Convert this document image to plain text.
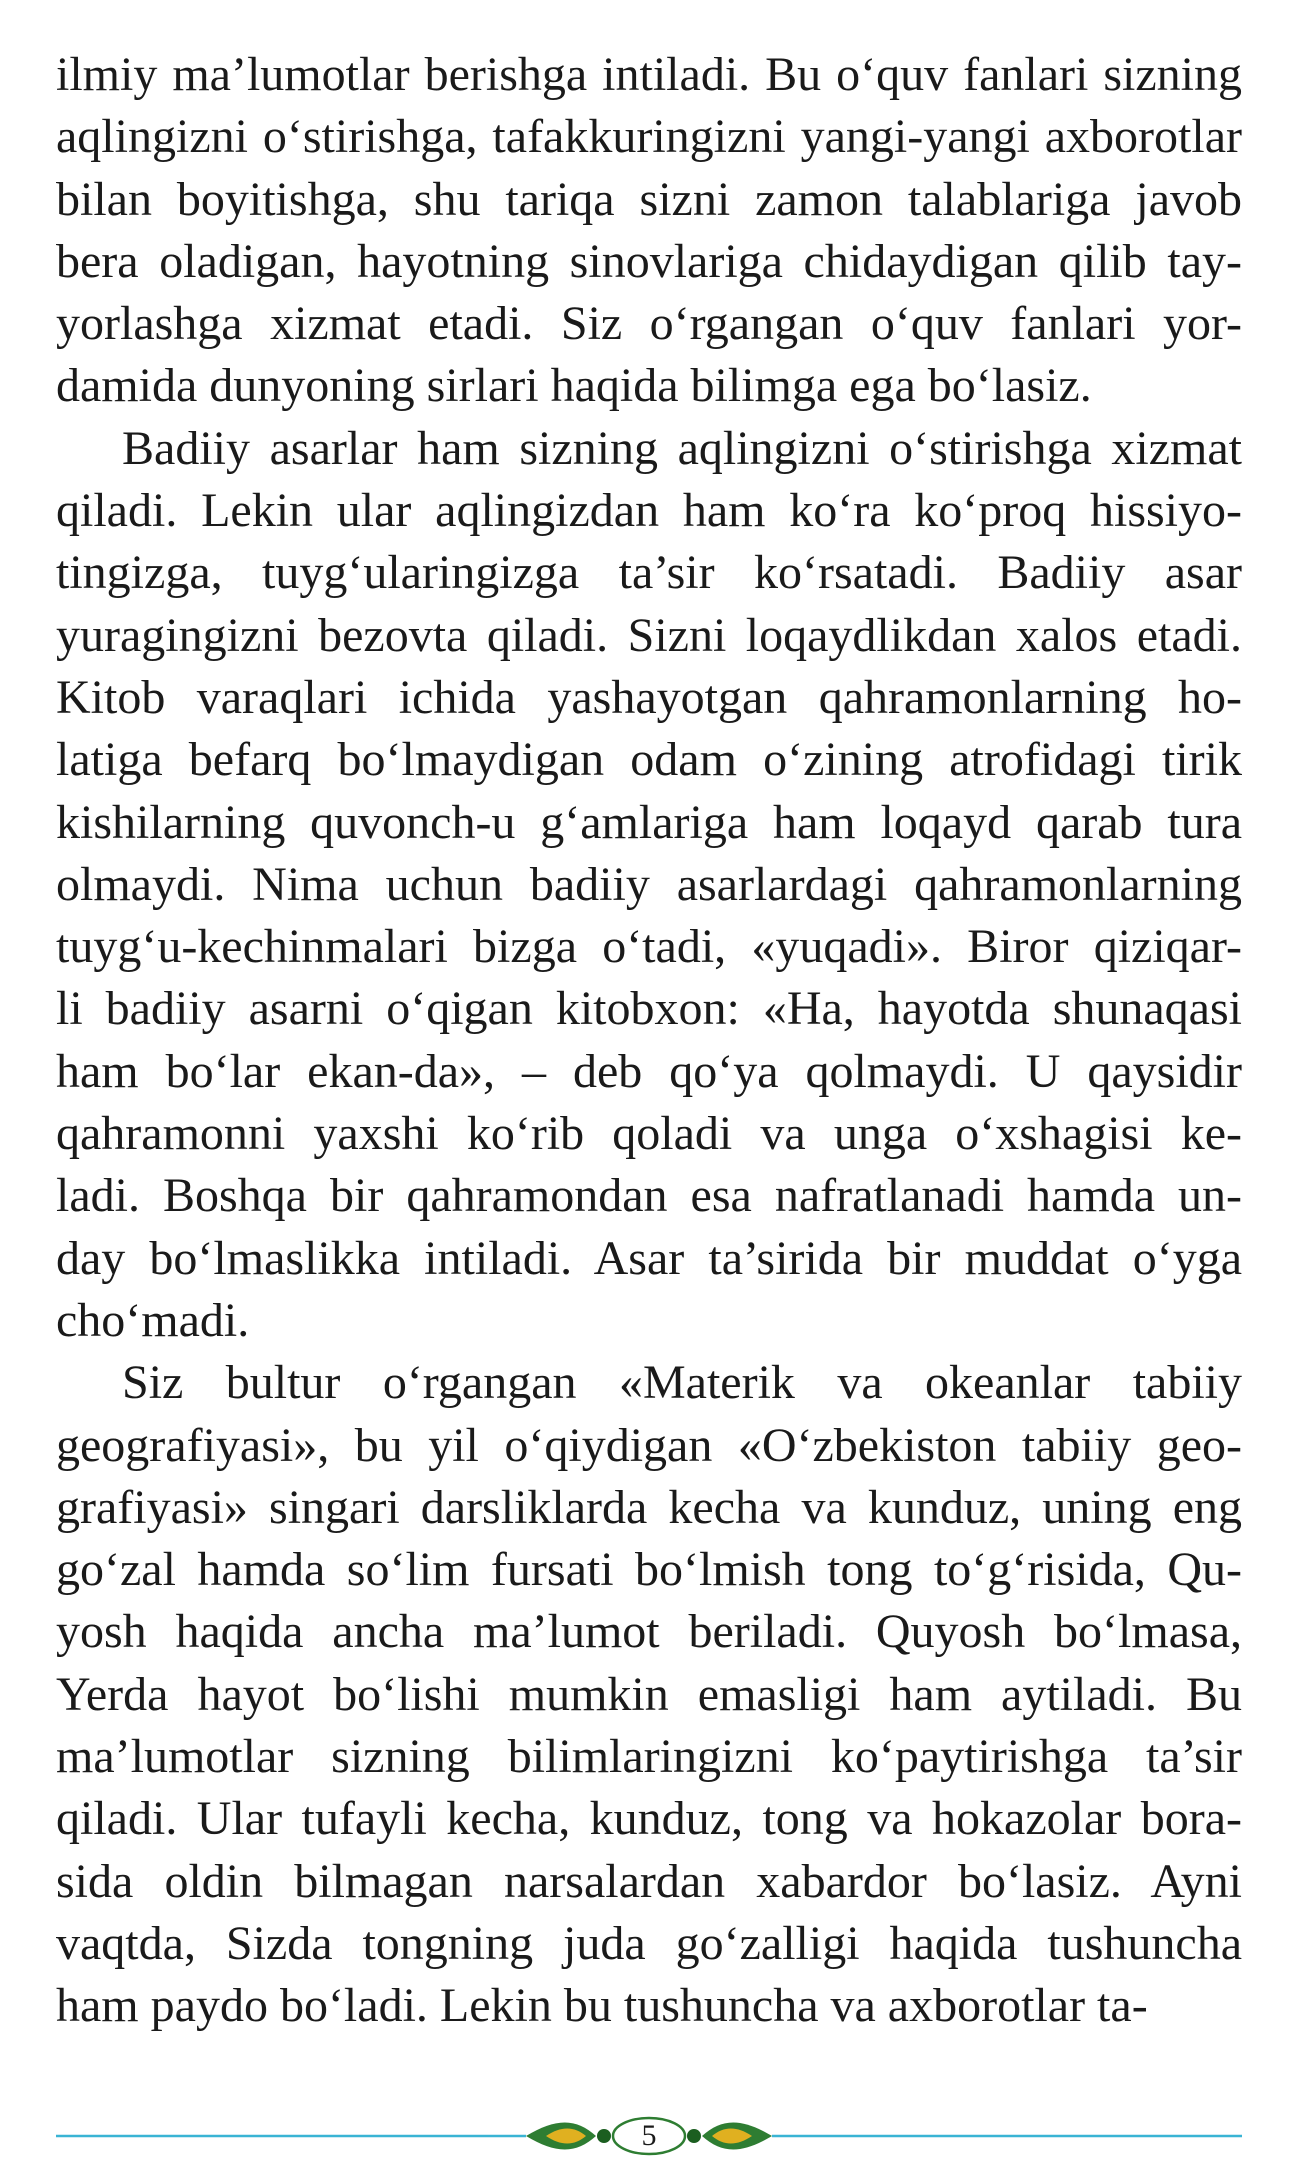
ilmiy ma’lumotlar berishga intiladi. Bu o‘quv fanlari sizning
aqlingizni o‘stirishga, tafakkuringizni yangi-yangi axborotlar
bilan boyitishga, shu tariqa sizni zamon talablariga javob
bera oladigan, hayotning sinovlariga chidaydigan qilib tay-
yorlashga xizmat etadi. Siz o‘rgangan o‘quv fanlari yor-
damida dunyoning sirlari haqida bilimga ega bo‘lasiz.

Badiiy asarlar ham sizning aqlingizni o‘stirishga xizmat
qiladi. Lekin ular aqlingizdan ham ko‘ra ko‘proq hissiyo-
tingizga, tuyg‘ularingizga ta’sir ko‘rsatadi. Badiiy asar
yuragingizni bezovta qiladi. Sizni loqaydlikdan xalos etadi.
Kitob varaqlari ichida yashayotgan qahramonlarning ho-
latiga befarq bo‘lmaydigan odam o‘zining atrofidagi tirik
kishilarning quvonch-u g‘amlariga ham loqayd qarab tura
olmaydi. Nima uchun badiiy asarlardagi qahramonlarning
tuyg‘u-kechinmalari bizga o‘tadi, «yuqadi». Biror qiziqar-
li badiiy asarni o‘qigan kitobxon: «Ha, hayotda shunaqasi
ham bo‘lar ekan-da», – deb qo‘ya qolmaydi. U qaysidir
qahramonni yaxshi ko‘rib qoladi va unga o‘xshagisi ke-
ladi. Boshqa bir qahramondan esa nafratlanadi hamda un-
day bo‘lmaslikka intiladi. Asar ta’sirida bir muddat o‘yga
cho‘madi.

Siz bultur o‘rgangan «Materik va okeanlar tabiiy
geografiyasi», bu yil o‘qiydigan «O‘zbekiston tabiiy geo-
grafiyasi» singari darsliklarda kecha va kunduz, uning eng
go‘zal hamda so‘lim fursati bo‘lmish tong to‘g‘risida, Qu-
yosh haqida ancha ma’lumot beriladi. Quyosh bo‘lmasa,
Yerda hayot bo‘lishi mumkin emasligi ham aytiladi. Bu
ma’lumotlar sizning bilimlaringizni ko‘paytirishga ta’sir
qiladi. Ular tufayli kecha, kunduz, tong va hokazolar bora-
sida oldin bilmagan narsalardan xabardor bo‘lasiz. Ayni
vaqtda, Sizda tongning juda go‘zalligi haqida tushuncha
ham paydo bo‘ladi. Lekin bu tushuncha va axborotlar ta-

5
